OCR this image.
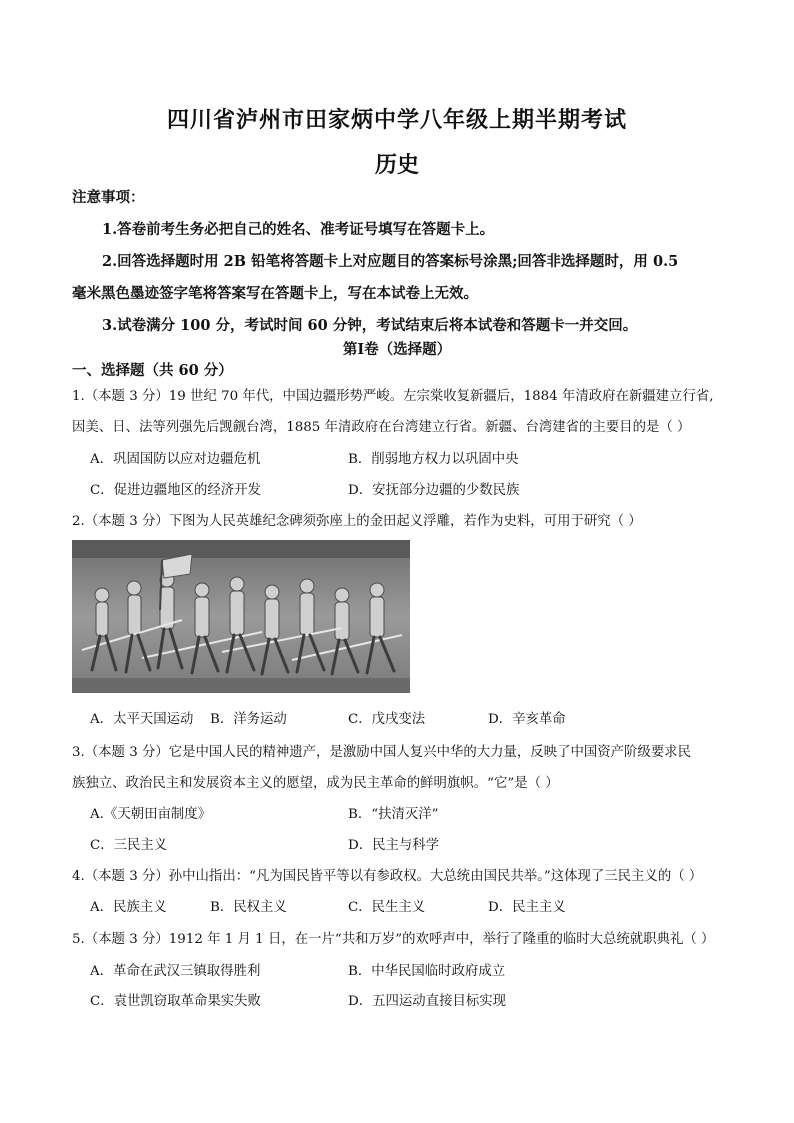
四川省泸州市田家炳中学八年级上期半期考试
历史
注意事项：
1.答卷前考生务必把自己的姓名、准考证号填写在答题卡上。
2.回答选择题时用 2B 铅笔将答题卡上对应题目的答案标号涂黑;回答非选择题时，用 0.5
毫米黑色墨迹签字笔将答案写在答题卡上，写在本试卷上无效。
3.试卷满分 100 分，考试时间 60 分钟，考试结束后将本试卷和答题卡一并交回。
第Ⅰ卷（选择题）
一、选择题（共 60 分）
1.（本题 3 分）19 世纪 70 年代，中国边疆形势严峻。左宗棠收复新疆后，1884 年清政府在新疆建立行省,
因美、日、法等列强先后觊觎台湾，1885 年清政府在台湾建立行省。新疆、台湾建省的主要目的是（ ）
A．巩固国防以应对边疆危机	B．削弱地方权力以巩固中央
C．促进边疆地区的经济开发	D．安抚部分边疆的少数民族
2.（本题 3 分）下图为人民英雄纪念碑须弥座上的金田起义浮雕，若作为史料，可用于研究（ ）
A．太平天国运动 B．洋务运动	C．戊戌变法	D．辛亥革命
3.（本题 3 分）它是中国人民的精神遗产，是激励中国人复兴中华的大力量，反映了中国资产阶级要求民
族独立、政治民主和发展资本主义的愿望，成为民主革命的鲜明旗帜。“它”是（ ）
A.《天朝田亩制度》	B．“扶清灭洋”
C．三民主义	D．民主与科学
4.（本题 3 分）孙中山指出：“凡为国民皆平等以有参政权。大总统由国民共举。”这体现了三民主义的（ ）
A．民族主义	B．民权主义	C．民生主义	D．民主主义
5.（本题 3 分）1912 年 1 月 1 日，在一片“共和万岁”的欢呼声中，举行了隆重的临时大总统就职典礼（ ）
A．革命在武汉三镇取得胜利	B．中华民国临时政府成立
C．袁世凯窃取革命果实失败	D．五四运动直接目标实现
